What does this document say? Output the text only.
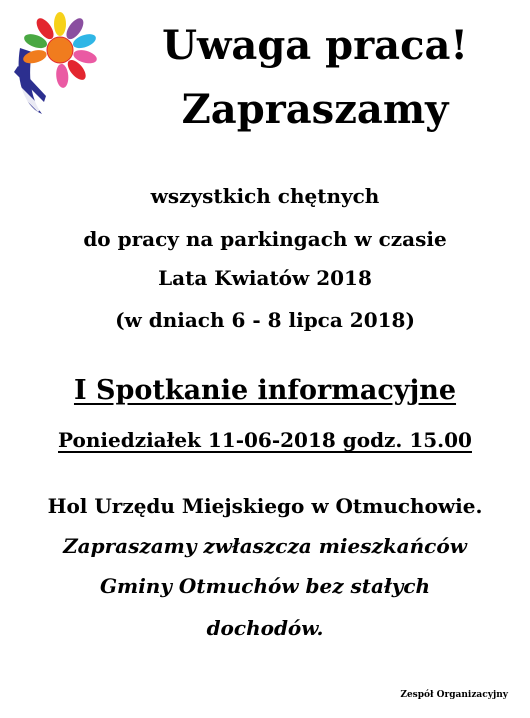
Uwaga praca!
Zapraszamy
wszystkich chętnych
do pracy na parkingach w czasie
Lata Kwiatów 2018
(w dniach 6 - 8 lipca 2018)
I Spotkanie informacyjne
Poniedziałek 11-06-2018 godz. 15.00
Hol Urzędu Miejskiego w Otmuchowie.
Zapraszamy zwłaszcza mieszkańców
Gminy Otmuchów bez stałych
dochodów.
Zespół Organizacyjny
